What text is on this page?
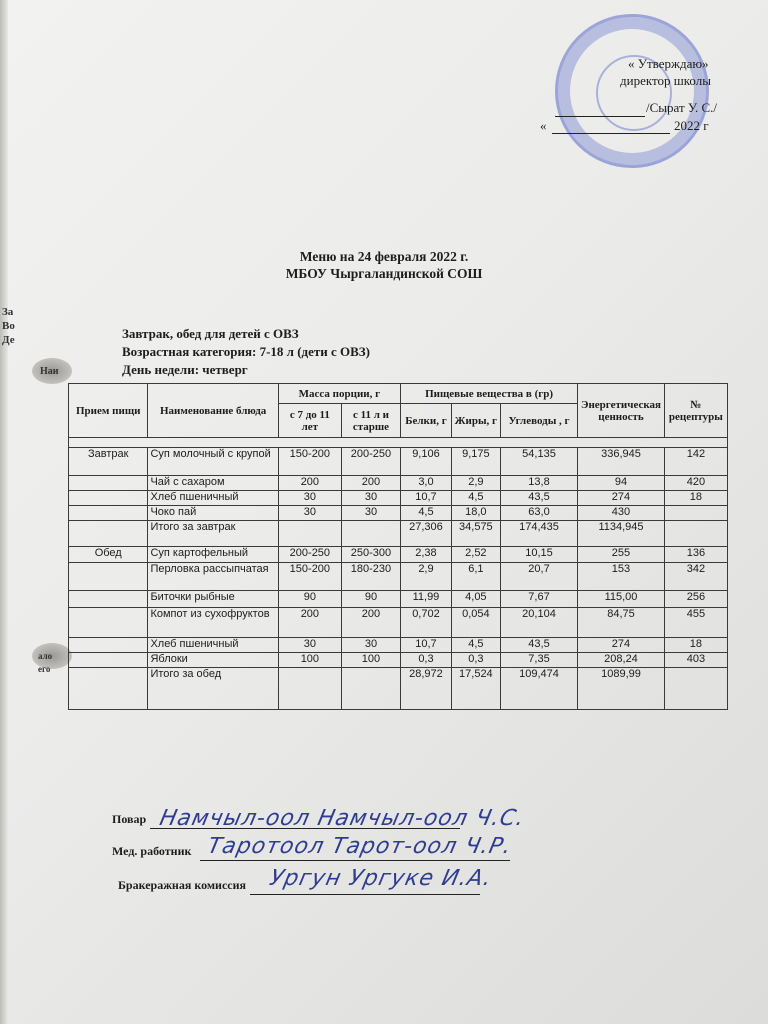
За
Во
Де
Наи
ало
его
« Утверждаю»
директор школы
/Сырат У. С./
«	2022 г
Меню на 24 февраля 2022 г.
МБОУ Чыргаландинской СОШ
Завтрак, обед для детей с ОВЗ
Возрастная категория: 7-18 л (дети с ОВЗ)
День недели: четверг
Прием пищи	Наименование блюда	Масса порции, г		Пищевые вещества в (гр)			Энергетическая ценность	№ рецептуры
		с 7 до 11 лет	с 11 л и старше	Белки, г	Жиры, г	Углеводы , г		

Завтрак	Суп молочный с крупой	150-200	200-250	9,106	9,175	54,135	336,945	142
	Чай с сахаром	200	200	3,0	2,9	13,8	94	420
	Хлеб пшеничный	30	30	10,7	4,5	43,5	274	18
	Чоко пай	30	30	4,5	18,0	63,0	430	
	Итого за завтрак			27,306	34,575	174,435	1134,945	
Обед	Суп картофельный	200-250	250-300	2,38	2,52	10,15	255	136
	Перловка рассыпчатая	150-200	180-230	2,9	6,1	20,7	153	342
	Биточки рыбные	90	90	11,99	4,05	7,67	115,00	256
	Компот из сухофруктов	200	200	0,702	0,054	20,104	84,75	455
	Хлеб пшеничный	30	30	10,7	4,5	43,5	274	18
	Яблоки	100	100	0,3	0,3	7,35	208,24	403
	Итого за обед			28,972	17,524	109,474	1089,99	
Повар Намчыл-оол Намчыл-оол Ч.С.
Мед. работник Таротоол Тарот-оол Ч.Р.
Бракеражная комиссия Ургун Ургуке И.А.
